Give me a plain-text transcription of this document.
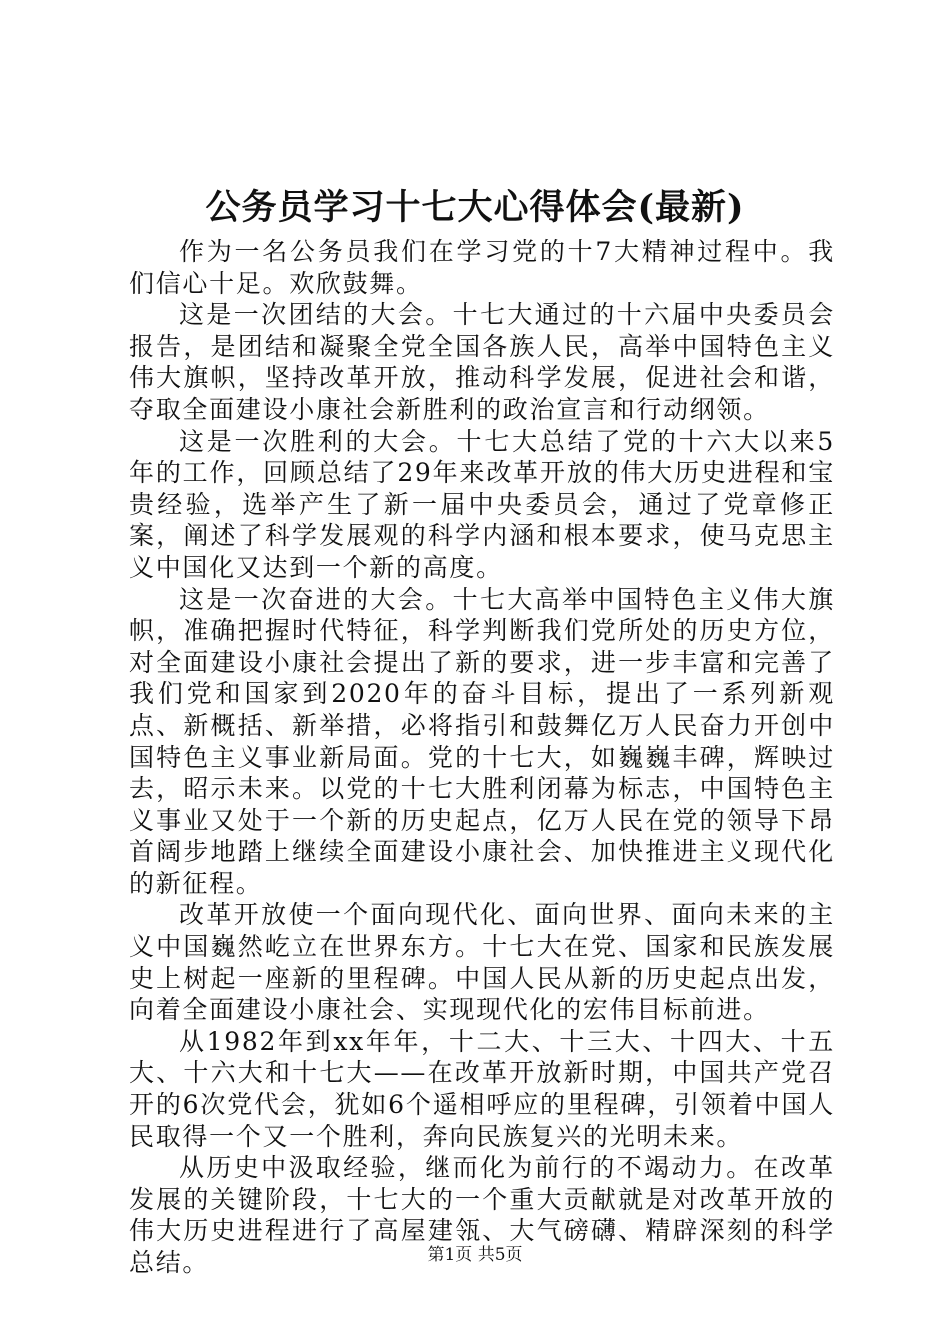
公务员学习十七大心得体会(最新)

作为一名公务员我们在学习党的十7大精神过程中。我们信心十足。欢欣鼓舞。

这是一次团结的大会。十七大通过的十六届中央委员会报告，是团结和凝聚全党全国各族人民，高举中国特色主义伟大旗帜，坚持改革开放，推动科学发展，促进社会和谐，夺取全面建设小康社会新胜利的政治宣言和行动纲领。

这是一次胜利的大会。十七大总结了党的十六大以来5年的工作，回顾总结了29年来改革开放的伟大历史进程和宝贵经验，选举产生了新一届中央委员会，通过了党章修正案，阐述了科学发展观的科学内涵和根本要求，使马克思主义中国化又达到一个新的高度。

这是一次奋进的大会。十七大高举中国特色主义伟大旗帜，准确把握时代特征，科学判断我们党所处的历史方位，对全面建设小康社会提出了新的要求，进一步丰富和完善了我们党和国家到2020年的奋斗目标，提出了一系列新观点、新概括、新举措，必将指引和鼓舞亿万人民奋力开创中国特色主义事业新局面。党的十七大，如巍巍丰碑，辉映过去，昭示未来。以党的十七大胜利闭幕为标志，中国特色主义事业又处于一个新的历史起点，亿万人民在党的领导下昂首阔步地踏上继续全面建设小康社会、加快推进主义现代化的新征程。

改革开放使一个面向现代化、面向世界、面向未来的主义中国巍然屹立在世界东方。十七大在党、国家和民族发展史上树起一座新的里程碑。中国人民从新的历史起点出发，向着全面建设小康社会、实现现代化的宏伟目标前进。

从1982年到xx年年，十二大、十三大、十四大、十五大、十六大和十七大——在改革开放新时期，中国共产党召开的6次党代会，犹如6个遥相呼应的里程碑，引领着中国人民取得一个又一个胜利，奔向民族复兴的光明未来。

从历史中汲取经验，继而化为前行的不竭动力。在改革发展的关键阶段，十七大的一个重大贡献就是对改革开放的伟大历史进程进行了高屋建瓴、大气磅礴、精辟深刻的科学总结。	第1页 共5页
